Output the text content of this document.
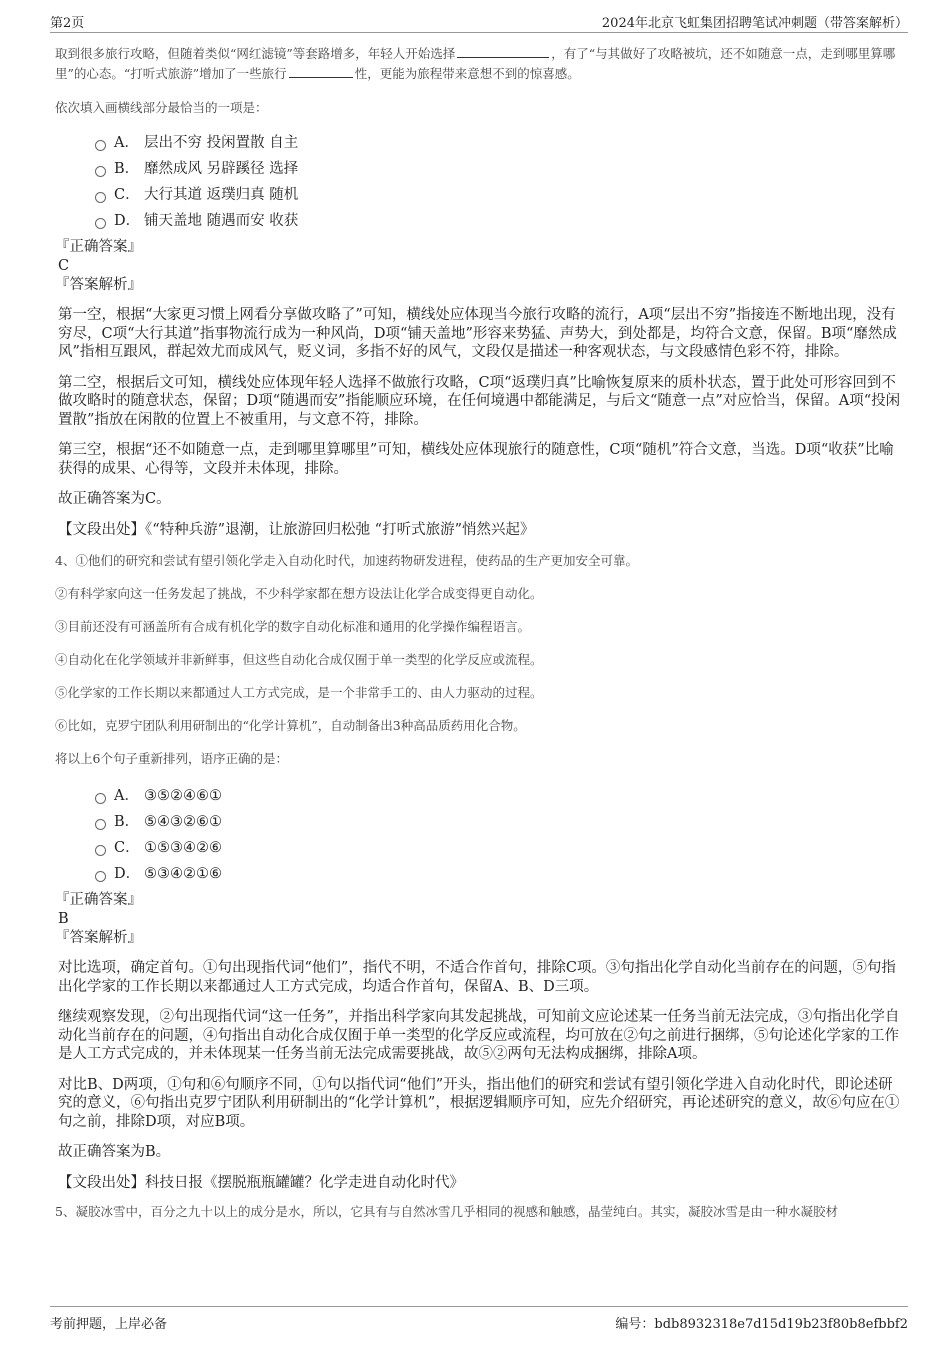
第2页	2024年北京飞虹集团招聘笔试冲刺题（带答案解析）

取到很多旅行攻略，但随着类似“网红滤镜”等套路增多，年轻人开始选择	，有了“与其做好了攻略被坑，还不如随意一点，走到哪里算哪里”的心态。“打听式旅游”增加了一些旅行	性，更能为旅程带来意想不到的惊喜感。

依次填入画横线部分最恰当的一项是：

A． 层出不穷 投闲置散 自主
B． 靡然成风 另辟蹊径 选择
C． 大行其道 返璞归真 随机
D． 铺天盖地 随遇而安 收获

『正确答案』

C

『答案解析』

第一空，根据“大家更习惯上网看分享做攻略了”可知，横线处应体现当今旅行攻略的流行，A项“层出不穷”指接连不断地出现，没有穷尽，C项“大行其道”指事物流行成为一种风尚，D项“铺天盖地”形容来势猛、声势大，到处都是，均符合文意，保留。B项“靡然成风”指相互跟风，群起效尤而成风气，贬义词，多指不好的风气，文段仅是描述一种客观状态，与文段感情色彩不符，排除。

第二空，根据后文可知，横线处应体现年轻人选择不做旅行攻略，C项“返璞归真”比喻恢复原来的质朴状态，置于此处可形容回到不做攻略时的随意状态，保留；D项“随遇而安”指能顺应环境，在任何境遇中都能满足，与后文“随意一点”对应恰当，保留。A项“投闲置散”指放在闲散的位置上不被重用，与文意不符，排除。

第三空，根据“还不如随意一点，走到哪里算哪里”可知，横线处应体现旅行的随意性，C项“随机”符合文意，当选。D项“收获”比喻获得的成果、心得等，文段并未体现，排除。

故正确答案为C。

【文段出处】《“特种兵游”退潮，让旅游回归松弛 “打听式旅游”悄然兴起》

4、①他们的研究和尝试有望引领化学走入自动化时代，加速药物研发进程，使药品的生产更加安全可靠。

②有科学家向这一任务发起了挑战，不少科学家都在想方设法让化学合成变得更自动化。

③目前还没有可涵盖所有合成有机化学的数字自动化标准和通用的化学操作编程语言。

④自动化在化学领域并非新鲜事，但这些自动化合成仅囿于单一类型的化学反应或流程。

⑤化学家的工作长期以来都通过人工方式完成，是一个非常手工的、由人力驱动的过程。

⑥比如，克罗宁团队利用研制出的“化学计算机”，自动制备出3种高品质药用化合物。

将以上6个句子重新排列，语序正确的是：

A． ③⑤②④⑥①
B． ⑤④③②⑥①
C． ①⑤③④②⑥
D． ⑤③④②①⑥

『正确答案』

B

『答案解析』

对比选项，确定首句。①句出现指代词“他们”，指代不明，不适合作首句，排除C项。③句指出化学自动化当前存在的问题，⑤句指出化学家的工作长期以来都通过人工方式完成，均适合作首句，保留A、B、D三项。

继续观察发现，②句出现指代词“这一任务”，并指出科学家向其发起挑战，可知前文应论述某一任务当前无法完成，③句指出化学自动化当前存在的问题，④句指出自动化合成仅囿于单一类型的化学反应或流程，均可放在②句之前进行捆绑，⑤句论述化学家的工作是人工方式完成的，并未体现某一任务当前无法完成需要挑战，故⑤②两句无法构成捆绑，排除A项。

对比B、D两项，①句和⑥句顺序不同，①句以指代词“他们”开头，指出他们的研究和尝试有望引领化学进入自动化时代，即论述研究的意义，⑥句指出克罗宁团队利用研制出的“化学计算机”，根据逻辑顺序可知，应先介绍研究，再论述研究的意义，故⑥句应在①句之前，排除D项，对应B项。

故正确答案为B。

【文段出处】科技日报《摆脱瓶瓶罐罐？化学走进自动化时代》

5、凝胶冰雪中，百分之九十以上的成分是水，所以，它具有与自然冰雪几乎相同的视感和触感，晶莹纯白。其实，凝胶冰雪是由一种水凝胶材

考前押题，上岸必备	编号：bdb8932318e7d15d19b23f80b8efbbf2
